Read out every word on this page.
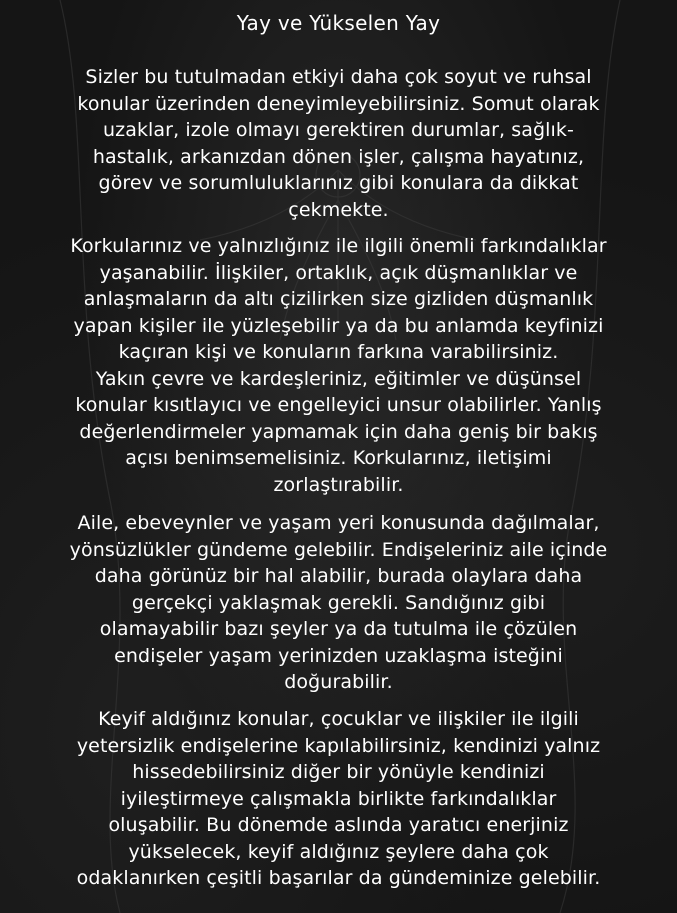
Yay ve Yükselen Yay
Sizler bu tutulmadan etkiyi daha çok soyut ve ruhsal
konular üzerinden deneyimleyebilirsiniz. Somut olarak
uzaklar, izole olmayı gerektiren durumlar, sağlık-
hastalık, arkanızdan dönen işler, çalışma hayatınız,
görev ve sorumluluklarınız gibi konulara da dikkat
çekmekte.
Korkularınız ve yalnızlığınız ile ilgili önemli farkındalıklar
yaşanabilir. İlişkiler, ortaklık, açık düşmanlıklar ve
anlaşmaların da altı çizilirken size gizliden düşmanlık
yapan kişiler ile yüzleşebilir ya da bu anlamda keyfinizi
kaçıran kişi ve konuların farkına varabilirsiniz.
Yakın çevre ve kardeşleriniz, eğitimler ve düşünsel
konular kısıtlayıcı ve engelleyici unsur olabilirler. Yanlış
değerlendirmeler yapmamak için daha geniş bir bakış
açısı benimsemelisiniz. Korkularınız, iletişimi
zorlaştırabilir.
Aile, ebeveynler ve yaşam yeri konusunda dağılmalar,
yönsüzlükler gündeme gelebilir. Endişeleriniz aile içinde
daha görünüz bir hal alabilir, burada olaylara daha
gerçekçi yaklaşmak gerekli. Sandığınız gibi
olamayabilir bazı şeyler ya da tutulma ile çözülen
endişeler yaşam yerinizden uzaklaşma isteğini
doğurabilir.
Keyif aldığınız konular, çocuklar ve ilişkiler ile ilgili
yetersizlik endişelerine kapılabilirsiniz, kendinizi yalnız
hissedebilirsiniz diğer bir yönüyle kendinizi
iyileştirmeye çalışmakla birlikte farkındalıklar
oluşabilir. Bu dönemde aslında yaratıcı enerjiniz
yükselecek, keyif aldığınız şeylere daha çok
odaklanırken çeşitli başarılar da gündeminize gelebilir.
